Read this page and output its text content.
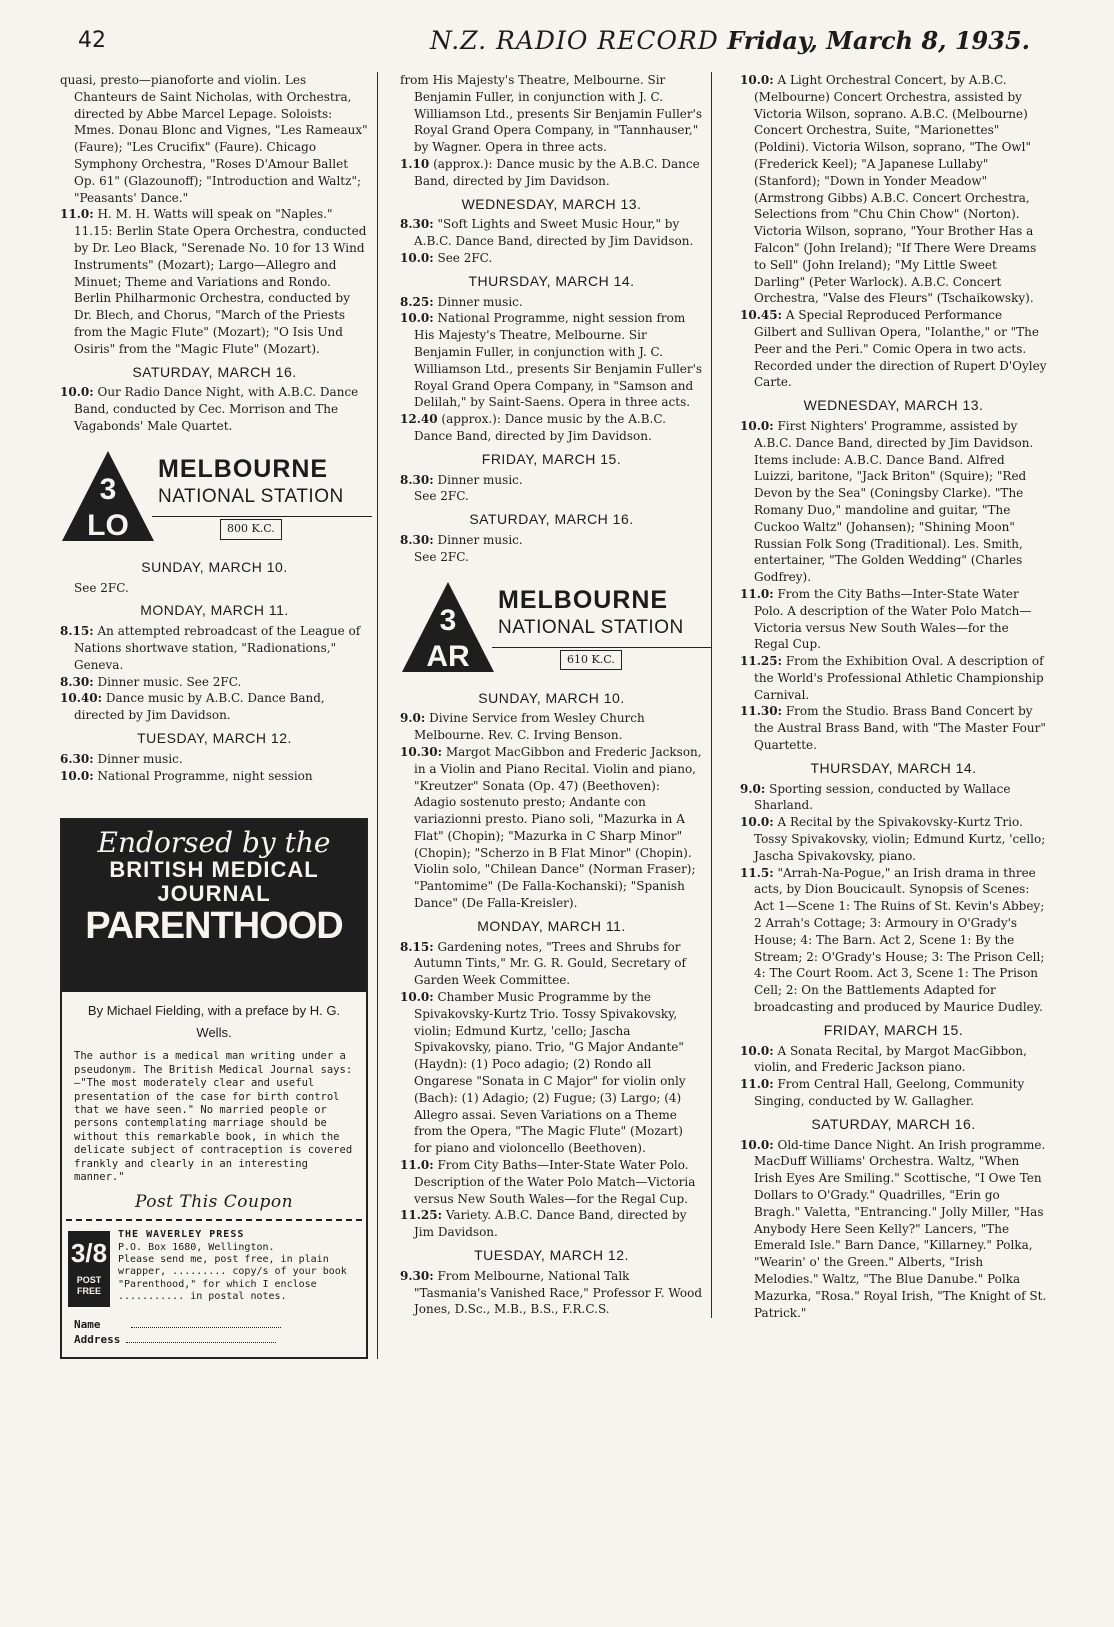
42	N.Z. RADIO RECORD Friday, March 8, 1935.
quasi, presto—pianoforte and violin. Les Chanteurs de Saint Nicholas, with Orchestra, directed by Abbe Marcel Lepage. Soloists: Mmes. Donau Blonc and Vignes, "Les Rameaux" (Faure); "Les Crucifix" (Faure). Chicago Symphony Orchestra, "Roses D'Amour Ballet Op. 61" (Glazounoff); "Introduction and Waltz"; "Peasants' Dance."
11.0: H. M. H. Watts will speak on "Naples." 11.15: Berlin State Opera Orchestra, conducted by Dr. Leo Black, "Serenade No. 10 for 13 Wind Instruments" (Mozart); Largo—Allegro and Minuet; Theme and Variations and Rondo. Berlin Philharmonic Orchestra, conducted by Dr. Blech, and Chorus, "March of the Priests from the Magic Flute" (Mozart); "O Isis Und Osiris" from the "Magic Flute" (Mozart).
SATURDAY, MARCH 16.
10.0: Our Radio Dance Night, with A.B.C. Dance Band, conducted by Cec. Morrison and The Vagabonds' Male Quartet.
3
LO
MELBOURNE
NATIONAL STATION
800 K.C.
SUNDAY, MARCH 10.
See 2FC.
MONDAY, MARCH 11.
8.15: An attempted rebroadcast of the League of Nations shortwave station, "Radionations," Geneva.
8.30: Dinner music. See 2FC.
10.40: Dance music by A.B.C. Dance Band, directed by Jim Davidson.
TUESDAY, MARCH 12.
6.30: Dinner music.
10.0: National Programme, night session
Endorsed by the
BRITISH MEDICAL
JOURNAL
PARENTHOOD
By Michael Fielding, with a preface by H. G. Wells.
The author is a medical man writing under a pseudonym. The British Medical Journal says:—"The most moderately clear and useful presentation of the case for birth control that we have seen." No married people or persons contemplating marriage should be without this remarkable book, in which the delicate subject of contraception is covered frankly and clearly in an interesting manner."
Post This Coupon
3/8
POST FREE
THE WAVERLEY PRESS
P.O. Box 1680, Wellington.
Please send me, post free, in plain wrapper, ......... copy/s of your book "Parenthood," for which I enclose ........... in postal notes.
Name
Address
from His Majesty's Theatre, Melbourne. Sir Benjamin Fuller, in conjunction with J. C. Williamson Ltd., presents Sir Benjamin Fuller's Royal Grand Opera Company, in "Tannhauser," by Wagner. Opera in three acts.
1.10 (approx.): Dance music by the A.B.C. Dance Band, directed by Jim Davidson.
WEDNESDAY, MARCH 13.
8.30: "Soft Lights and Sweet Music Hour," by A.B.C. Dance Band, directed by Jim Davidson.
10.0: See 2FC.
THURSDAY, MARCH 14.
8.25: Dinner music.
10.0: National Programme, night session from His Majesty's Theatre, Melbourne. Sir Benjamin Fuller, in conjunction with J. C. Williamson Ltd., presents Sir Benjamin Fuller's Royal Grand Opera Company, in "Samson and Delilah," by Saint-Saens. Opera in three acts.
12.40 (approx.): Dance music by the A.B.C. Dance Band, directed by Jim Davidson.
FRIDAY, MARCH 15.
8.30: Dinner music.
See 2FC.
SATURDAY, MARCH 16.
8.30: Dinner music.
See 2FC.
3
AR
MELBOURNE
NATIONAL STATION
610 K.C.
SUNDAY, MARCH 10.
9.0: Divine Service from Wesley Church Melbourne. Rev. C. Irving Benson.
10.30: Margot MacGibbon and Frederic Jackson, in a Violin and Piano Recital. Violin and piano, "Kreutzer" Sonata (Op. 47) (Beethoven): Adagio sostenuto presto; Andante con variazionni presto. Piano soli, "Mazurka in A Flat" (Chopin); "Mazurka in C Sharp Minor" (Chopin); "Scherzo in B Flat Minor" (Chopin). Violin solo, "Chilean Dance" (Norman Fraser); "Pantomime" (De Falla-Kochanski); "Spanish Dance" (De Falla-Kreisler).
MONDAY, MARCH 11.
8.15: Gardening notes, "Trees and Shrubs for Autumn Tints," Mr. G. R. Gould, Secretary of Garden Week Committee.
10.0: Chamber Music Programme by the Spivakovsky-Kurtz Trio. Tossy Spivakovsky, violin; Edmund Kurtz, 'cello; Jascha Spivakovsky, piano. Trio, "G Major Andante" (Haydn): (1) Poco adagio; (2) Rondo all Ongarese "Sonata in C Major" for violin only (Bach): (1) Adagio; (2) Fugue; (3) Largo; (4) Allegro assai. Seven Variations on a Theme from the Opera, "The Magic Flute" (Mozart) for piano and violoncello (Beethoven).
11.0: From City Baths—Inter-State Water Polo. Description of the Water Polo Match—Victoria versus New South Wales—for the Regal Cup.
11.25: Variety. A.B.C. Dance Band, directed by Jim Davidson.
TUESDAY, MARCH 12.
9.30: From Melbourne, National Talk "Tasmania's Vanished Race," Professor F. Wood Jones, D.Sc., M.B., B.S., F.R.C.S.
10.0: A Light Orchestral Concert, by A.B.C. (Melbourne) Concert Orchestra, assisted by Victoria Wilson, soprano. A.B.C. (Melbourne) Concert Orchestra, Suite, "Marionettes" (Poldini). Victoria Wilson, soprano, "The Owl" (Frederick Keel); "A Japanese Lullaby" (Stanford); "Down in Yonder Meadow" (Armstrong Gibbs) A.B.C. Concert Orchestra, Selections from "Chu Chin Chow" (Norton). Victoria Wilson, soprano, "Your Brother Has a Falcon" (John Ireland); "If There Were Dreams to Sell" (John Ireland); "My Little Sweet Darling" (Peter Warlock). A.B.C. Concert Orchestra, "Valse des Fleurs" (Tschaikowsky).
10.45: A Special Reproduced Performance Gilbert and Sullivan Opera, "Iolanthe," or "The Peer and the Peri." Comic Opera in two acts. Recorded under the direction of Rupert D'Oyley Carte.
WEDNESDAY, MARCH 13.
10.0: First Nighters' Programme, assisted by A.B.C. Dance Band, directed by Jim Davidson. Items include: A.B.C. Dance Band. Alfred Luizzi, baritone, "Jack Briton" (Squire); "Red Devon by the Sea" (Coningsby Clarke). "The Romany Duo," mandoline and guitar, "The Cuckoo Waltz" (Johansen); "Shining Moon" Russian Folk Song (Traditional). Les. Smith, entertainer, "The Golden Wedding" (Charles Godfrey).
11.0: From the City Baths—Inter-State Water Polo. A description of the Water Polo Match—Victoria versus New South Wales—for the Regal Cup.
11.25: From the Exhibition Oval. A description of the World's Professional Athletic Championship Carnival.
11.30: From the Studio. Brass Band Concert by the Austral Brass Band, with "The Master Four" Quartette.
THURSDAY, MARCH 14.
9.0: Sporting session, conducted by Wallace Sharland.
10.0: A Recital by the Spivakovsky-Kurtz Trio. Tossy Spivakovsky, violin; Edmund Kurtz, 'cello; Jascha Spivakovsky, piano.
11.5: "Arrah-Na-Pogue," an Irish drama in three acts, by Dion Boucicault. Synopsis of Scenes: Act 1—Scene 1: The Ruins of St. Kevin's Abbey; 2 Arrah's Cottage; 3: Armoury in O'Grady's House; 4: The Barn. Act 2, Scene 1: By the Stream; 2: O'Grady's House; 3: The Prison Cell; 4: The Court Room. Act 3, Scene 1: The Prison Cell; 2: On the Battlements Adapted for broadcasting and produced by Maurice Dudley.
FRIDAY, MARCH 15.
10.0: A Sonata Recital, by Margot MacGibbon, violin, and Frederic Jackson piano.
11.0: From Central Hall, Geelong, Community Singing, conducted by W. Gallagher.
SATURDAY, MARCH 16.
10.0: Old-time Dance Night. An Irish programme. MacDuff Williams' Orchestra. Waltz, "When Irish Eyes Are Smiling." Scottische, "I Owe Ten Dollars to O'Grady." Quadrilles, "Erin go Bragh." Valetta, "Entrancing." Jolly Miller, "Has Anybody Here Seen Kelly?" Lancers, "The Emerald Isle." Barn Dance, "Killarney." Polka, "Wearin' o' the Green." Alberts, "Irish Melodies." Waltz, "The Blue Danube." Polka Mazurka, "Rosa." Royal Irish, "The Knight of St. Patrick."
